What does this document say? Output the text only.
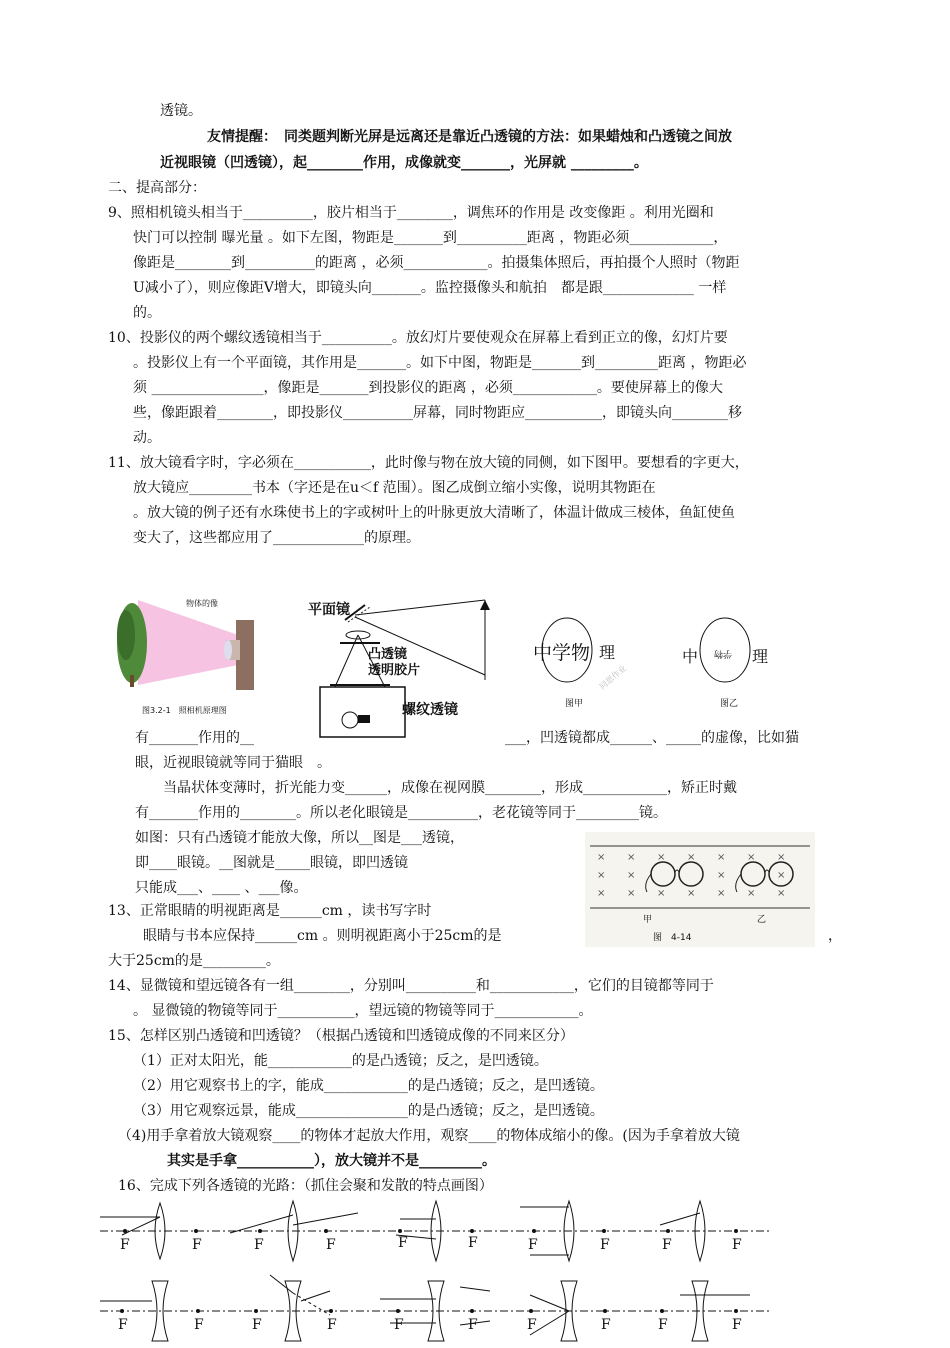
透镜。
友情提醒：　同类题判断光屏是远离还是靠近凸透镜的方法：如果蜡烛和凸透镜之间放
近视眼镜（凹透镜），起________作用，成像就变_______，光屏就 _________。
二、提高部分：
9、照相机镜头相当于__________，胶片相当于________，调焦环的作用是 改变像距 。利用光圈和
快门可以控制 曝光量 。如下左图，物距是_______到__________距离 ，物距必须____________，
像距是________到__________的距离 ，必须____________。拍摄集体照后，再拍摄个人照时（物距
U减小了），则应像距V增大，即镜头向_______。监控摄像头和航拍　都是跟_____________ 一样
的。
10、投影仪的两个螺纹透镜相当于__________。放幻灯片要使观众在屏幕上看到正立的像，幻灯片要
。投影仪上有一个平面镜，其作用是_______。如下中图，物距是_______到_________距离 ，物距必
须 ________________，像距是_______到投影仪的距离 ，必须____________。要使屏幕上的像大
些，像距跟着________，即投影仪__________屏幕，同时物距应___________，即镜头向________移
动。
11、放大镜看字时，字必须在___________，此时像与物在放大镜的同侧，如下图甲。要想看的字更大，
放大镜应_________书本（字还是在u＜f 范围）。图乙成倒立缩小实像，说明其物距在
。放大镜的例子还有水珠使书上的字或树叶上的叶脉更放大清晰了，体温计做成三棱体，鱼缸使鱼
变大了，这些都应用了_____________的原理。
物体的像
图3.2-1　照相机原理图
平面镜
凸透镜
透明胶片
螺纹透镜
中学物 理
图甲
同思作业
中 学物 理
图乙
有_______作用的__	___，凹透镜都成______、_____的虚像，比如猫
眼，近视眼镜就等同于猫眼　。
当晶状体变薄时，折光能力变______，成像在视网膜________，形成____________，矫正时戴
有_______作用的________。所以老化眼镜是__________，老花镜等同于_________镜。
如图：只有凸透镜才能放大像，所以__图是___透镜，
即____眼镜。__图就是_____眼镜，即凹透镜
只能成___、____ 、___像。
× × × × × × ×
× ×	×	×
× × × × × × ×
甲	乙
图　4-14
13、正常眼睛的明视距离是______cm ，读书写字时
眼睛与书本应保持______cm 。则明视距离小于25cm的是	，
大于25cm的是_________。
14、显微镜和望远镜各有一组________，分别叫__________和____________，它们的目镜都等同于
。 显微镜的物镜等同于___________，望远镜的物镜等同于____________。
15、怎样区别凸透镜和凹透镜？（根据凸透镜和凹透镜成像的不同来区分）
（1）正对太阳光，能____________的是凸透镜；反之，是凹透镜。
（2）用它观察书上的字，能成____________的是凸透镜；反之，是凹透镜。
（3）用它观察远景，能成________________的是凸透镜；反之，是凹透镜。
（4)用手拿着放大镜观察____的物体才起放大作用，观察____的物体成缩小的像。(因为手拿着放大镜
其实是手拿___________），放大镜并不是_________。
16、完成下列各透镜的光路：（抓住会聚和发散的特点画图）
F	F	F	F	F	F	F	F	F	F
F	F	F	F	F	F	F	F	F	F
